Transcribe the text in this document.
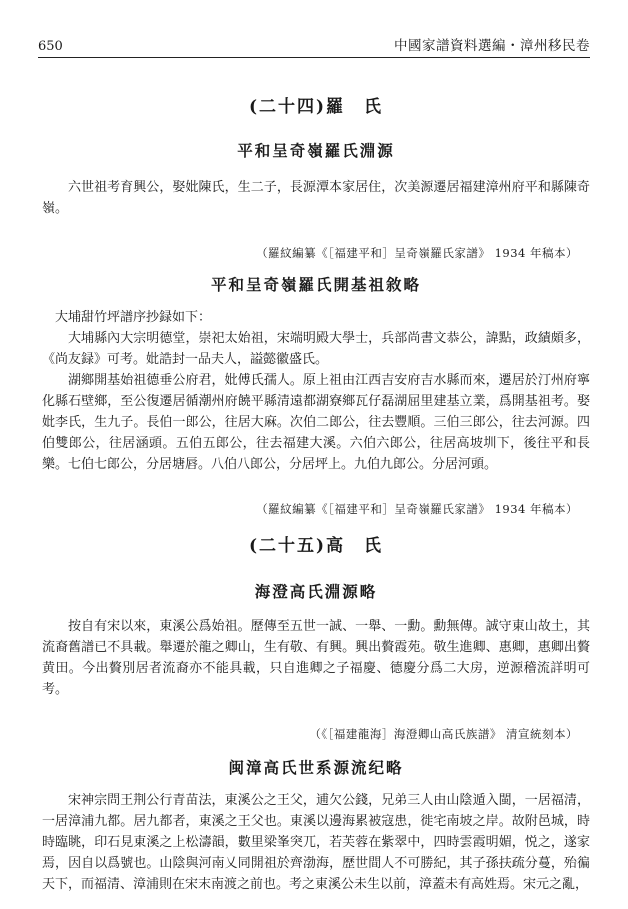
650	中國家譜資料選編・漳州移民卷
(二十四)羅　氏
平和呈奇嶺羅氏淵源

六世祖考育興公，娶妣陳氏，生二子，長源潭本家居住，次美源遷居福建漳州府平和縣陳奇嶺。

（羅紋編纂《［福建平和］呈奇嶺羅氏家譜》 1934 年稿本）

平和呈奇嶺羅氏開基祖敘略

大埔甜竹坪譜序抄録如下：

大埔縣內大宗明德堂，崇祀太始祖，宋端明殿大學士，兵部尚書文恭公，諱點，政績頗多，《尚友録》可考。妣誥封一品夫人，謚懿徽盛氏。

湖鄉開基始祖德垂公府君，妣傅氏孺人。原上祖由江西吉安府吉水縣而來，遷居於汀州府寧化縣石壁鄉，至公復遷居循潮州府饒平縣清遠都湖寮鄉瓦仔磊湖屈里建基立業，爲開基祖考。娶妣李氏，生九子。長伯一郎公，往居大麻。次伯二郎公，往去豐順。三伯三郎公，往去河源。四伯雙郎公，往居涵頭。五伯五郎公，往去福建大溪。六伯六郎公，往居高坡圳下，後往平和長樂。七伯七郎公，分居塘唇。八伯八郎公，分居坪上。九伯九郎公。分居河頭。

（羅紋編纂《［福建平和］呈奇嶺羅氏家譜》 1934 年稿本）

(二十五)高　氏
海澄高氏淵源略

按自有宋以來，東溪公爲始祖。歷傳至五世一誠、一舉、一勳。勳無傳。誠守東山故土，其流裔舊譜已不具載。舉遷於龍之卿山，生有敬、有興。興出贅霞苑。敬生進卿、惠卿，惠卿出贅黄田。今出贅別居者流裔亦不能具載，只自進卿之子福慶、德慶分爲二大房，逆源稽流詳明可考。

（《［福建龍海］海澄卿山高氏族譜》 清宣統刻本）

闽漳高氏世系源流纪略

宋神宗問王荆公行青苗法，東溪公之王父，逋欠公錢，兄弟三人由山陰遁入閩，一居福清，一居漳浦九都。居九都者，東溪之王父也。東溪以邊海累被寇患，徙宅南坡之岸。故附邑城，時時臨眺，印石見東溪之上松濤韻，數里梁峯突兀，若芙蓉在紫翠中，四時雲霞明媚，悦之，遂家焉，因自以爲號也。山陰與河南乂同開祖於齊渤海，歷世間人不可勝紀，其子孫扶疏分蔓，殆徧天下，而福清、漳浦則在宋末南渡之前也。考之東溪公未生以前，漳蓋未有高姓焉。宋元之亂，
